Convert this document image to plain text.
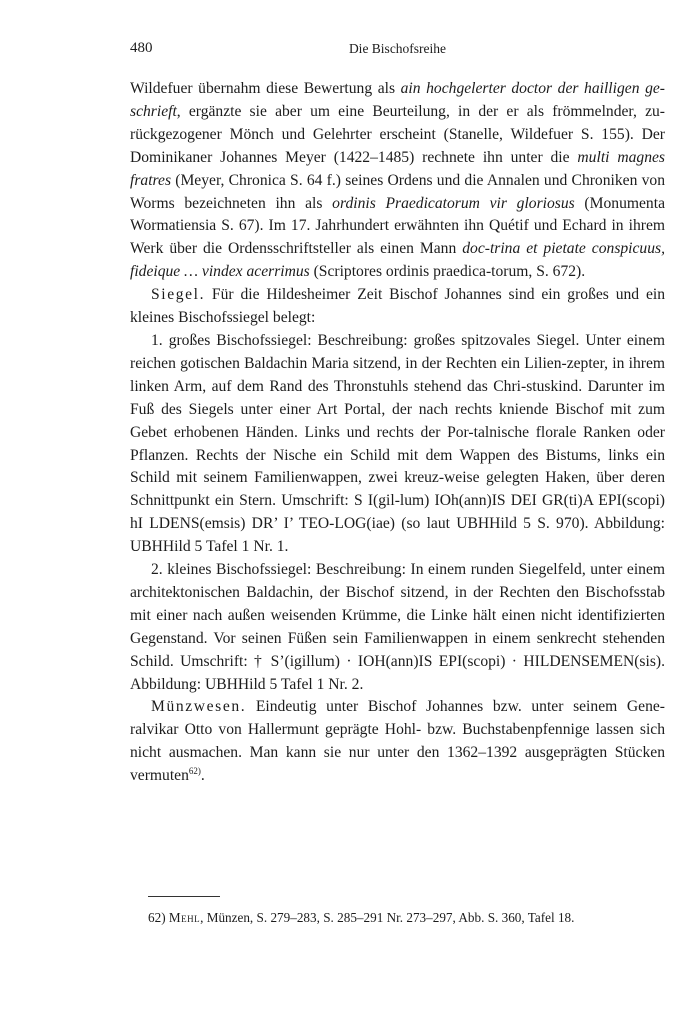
480	Die Bischofsreihe

Wildefuer übernahm diese Bewertung als ain hochgelerter doctor der hailligen ge-schrieft, ergänzte sie aber um eine Beurteilung, in der er als frömmelnder, zu-rückgezogener Mönch und Gelehrter erscheint (Stanelle, Wildefuer S. 155). Der Dominikaner Johannes Meyer (1422–1485) rechnete ihn unter die multi magnes fratres (Meyer, Chronica S. 64 f.) seines Ordens und die Annalen und Chroniken von Worms bezeichneten ihn als ordinis Praedicatorum vir gloriosus (Monumenta Wormatiensia S. 67). Im 17. Jahrhundert erwähnten ihn Quétif und Echard in ihrem Werk über die Ordensschriftsteller als einen Mann doc-trina et pietate conspicuus, fideique … vindex acerrimus (Scriptores ordinis praedica-torum, S. 672).

Siegel. Für die Hildesheimer Zeit Bischof Johannes sind ein großes und ein kleines Bischofssiegel belegt:

1. großes Bischofssiegel: Beschreibung: großes spitzovales Siegel. Unter einem reichen gotischen Baldachin Maria sitzend, in der Rechten ein Lilien-zepter, in ihrem linken Arm, auf dem Rand des Thronstuhls stehend das Chri-stuskind. Darunter im Fuß des Siegels unter einer Art Portal, der nach rechts kniende Bischof mit zum Gebet erhobenen Händen. Links und rechts der Por-talnische florale Ranken oder Pflanzen. Rechts der Nische ein Schild mit dem Wappen des Bistums, links ein Schild mit seinem Familienwappen, zwei kreuz-weise gelegten Haken, über deren Schnittpunkt ein Stern. Umschrift: S I(gil-lum) IOh(ann)IS DEI GR(ti)A EPI(scopi) hI LDENS(emsis) DR’ I’ TEO-LOG(iae) (so laut UBHHild 5 S. 970). Abbildung: UBHHild 5 Tafel 1 Nr. 1.

2. kleines Bischofssiegel: Beschreibung: In einem runden Siegelfeld, unter einem architektonischen Baldachin, der Bischof sitzend, in der Rechten den Bischofsstab mit einer nach außen weisenden Krümme, die Linke hält einen nicht identifizierten Gegenstand. Vor seinen Füßen sein Familienwappen in einem senkrecht stehenden Schild. Umschrift: † S’(igillum) · IOH(ann)IS EPI(scopi) · HILDENSEMEN(sis). Abbildung: UBHHild 5 Tafel 1 Nr. 2.

Münzwesen. Eindeutig unter Bischof Johannes bzw. unter seinem Gene-ralvikar Otto von Hallermunt geprägte Hohl- bzw. Buchstabenpfennige lassen sich nicht ausmachen. Man kann sie nur unter den 1362–1392 ausgeprägten Stücken vermuten$^{62)}$.

62) Mehl, Münzen, S. 279–283, S. 285–291 Nr. 273–297, Abb. S. 360, Tafel 18.
